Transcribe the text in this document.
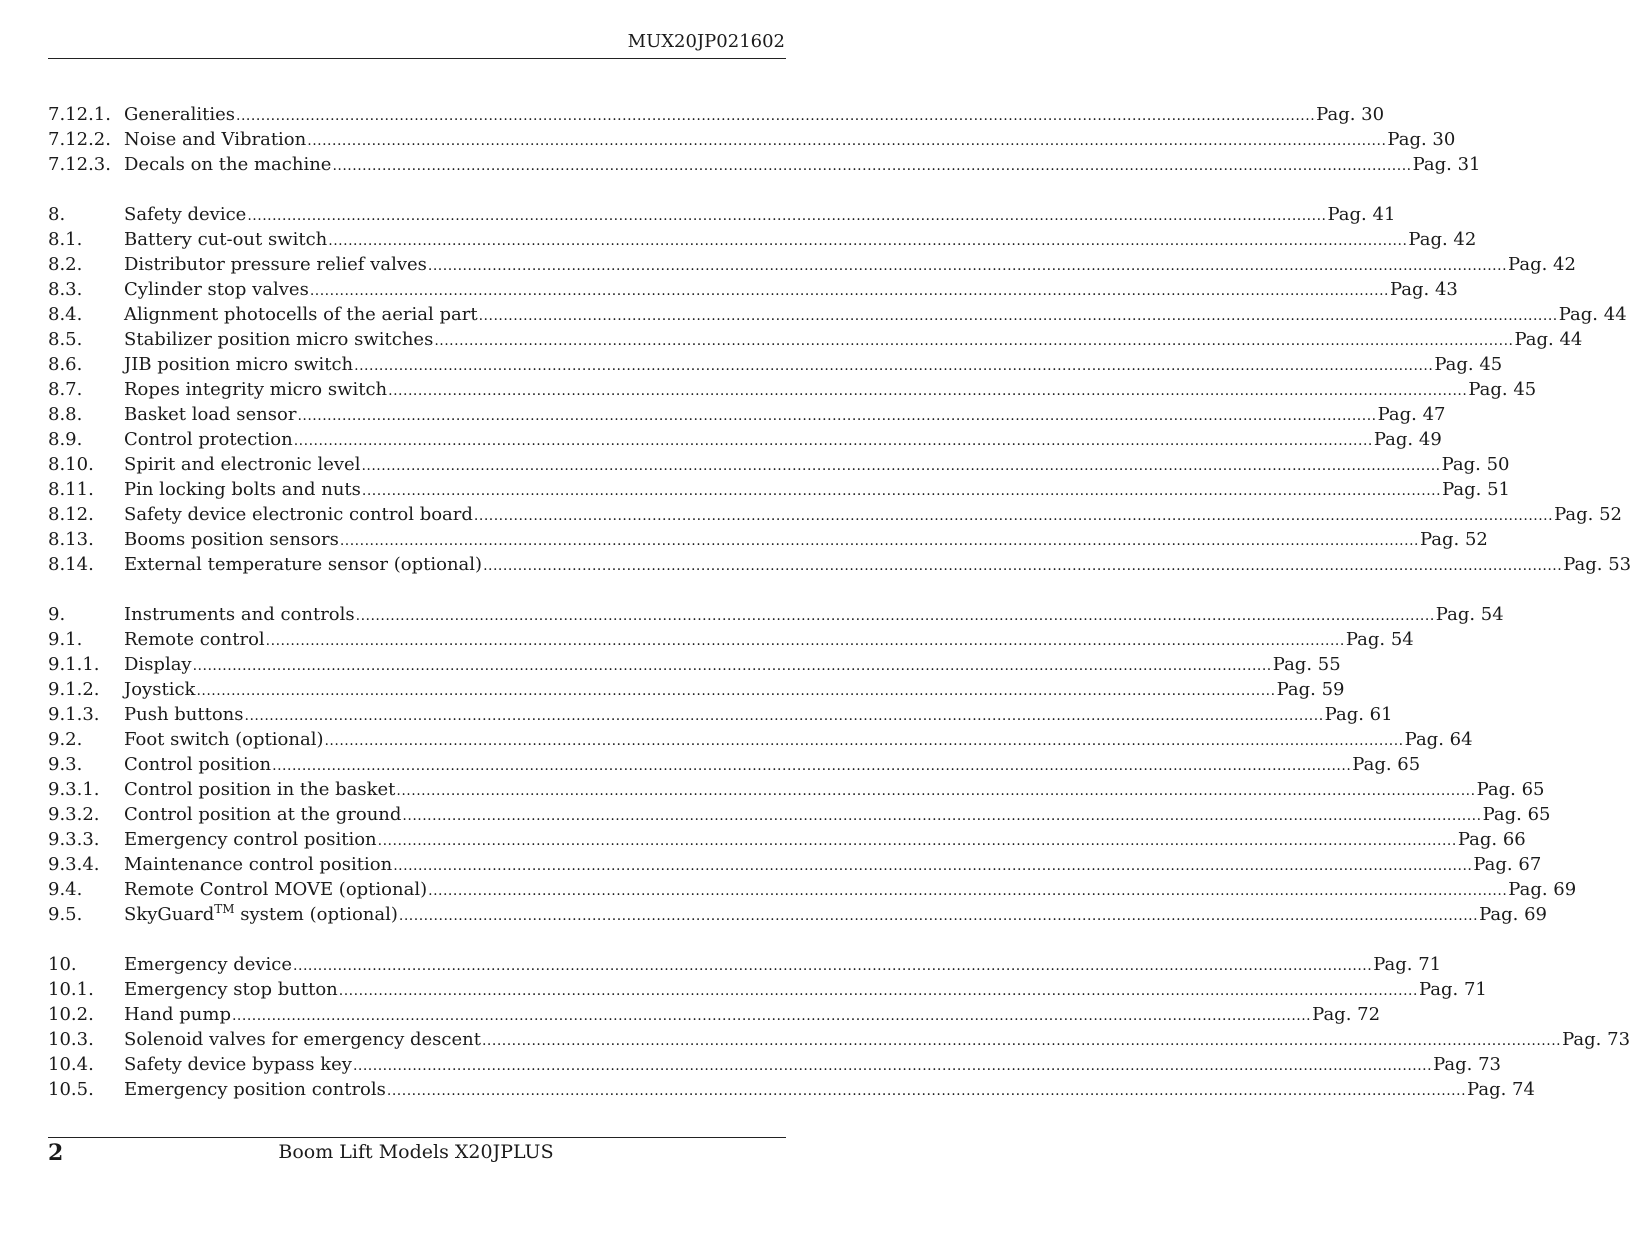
MUX20JP021602
7.12.1. Generalities .......................................................................................................................................................................................................................... Pag. 30
7.12.2. Noise and Vibration .......................................................................................................................................................................................................................... Pag. 30
7.12.3. Decals on the machine .......................................................................................................................................................................................................................... Pag. 31
8.	Safety device .......................................................................................................................................................................................................................... Pag. 41
8.1.	Battery cut-out switch .......................................................................................................................................................................................................................... Pag. 42
8.2.	Distributor pressure relief valves .......................................................................................................................................................................................................................... Pag. 42
8.3.	Cylinder stop valves .......................................................................................................................................................................................................................... Pag. 43
8.4.	Alignment photocells of the aerial part .......................................................................................................................................................................................................................... Pag. 44
8.5.	Stabilizer position micro switches .......................................................................................................................................................................................................................... Pag. 44
8.6.	JIB position micro switch .......................................................................................................................................................................................................................... Pag. 45
8.7.	Ropes integrity micro switch .......................................................................................................................................................................................................................... Pag. 45
8.8.	Basket load sensor .......................................................................................................................................................................................................................... Pag. 47
8.9.	Control protection .......................................................................................................................................................................................................................... Pag. 49
8.10.	Spirit and electronic level .......................................................................................................................................................................................................................... Pag. 50
8.11.	Pin locking bolts and nuts .......................................................................................................................................................................................................................... Pag. 51
8.12.	Safety device electronic control board .......................................................................................................................................................................................................................... Pag. 52
8.13.	Booms position sensors .......................................................................................................................................................................................................................... Pag. 52
8.14.	External temperature sensor (optional) .......................................................................................................................................................................................................................... Pag. 53
9.	Instruments and controls .......................................................................................................................................................................................................................... Pag. 54
9.1.	Remote control .......................................................................................................................................................................................................................... Pag. 54
9.1.1.	Display .......................................................................................................................................................................................................................... Pag. 55
9.1.2.	Joystick .......................................................................................................................................................................................................................... Pag. 59
9.1.3.	Push buttons .......................................................................................................................................................................................................................... Pag. 61
9.2.	Foot switch (optional) .......................................................................................................................................................................................................................... Pag. 64
9.3.	Control position .......................................................................................................................................................................................................................... Pag. 65
9.3.1.	Control position in the basket .......................................................................................................................................................................................................................... Pag. 65
9.3.2.	Control position at the ground .......................................................................................................................................................................................................................... Pag. 65
9.3.3.	Emergency control position .......................................................................................................................................................................................................................... Pag. 66
9.3.4.	Maintenance control position .......................................................................................................................................................................................................................... Pag. 67
9.4.	Remote Control MOVE (optional) .......................................................................................................................................................................................................................... Pag. 69
9.5.	SkyGuard™ system (optional) .......................................................................................................................................................................................................................... Pag. 69
10.	Emergency device .......................................................................................................................................................................................................................... Pag. 71
10.1.	Emergency stop button .......................................................................................................................................................................................................................... Pag. 71
10.2.	Hand pump .......................................................................................................................................................................................................................... Pag. 72
10.3.	Solenoid valves for emergency descent .......................................................................................................................................................................................................................... Pag. 73
10.4.	Safety device bypass key .......................................................................................................................................................................................................................... Pag. 73
10.5.	Emergency position controls .......................................................................................................................................................................................................................... Pag. 74
2	Boom Lift Models X20JPLUS
